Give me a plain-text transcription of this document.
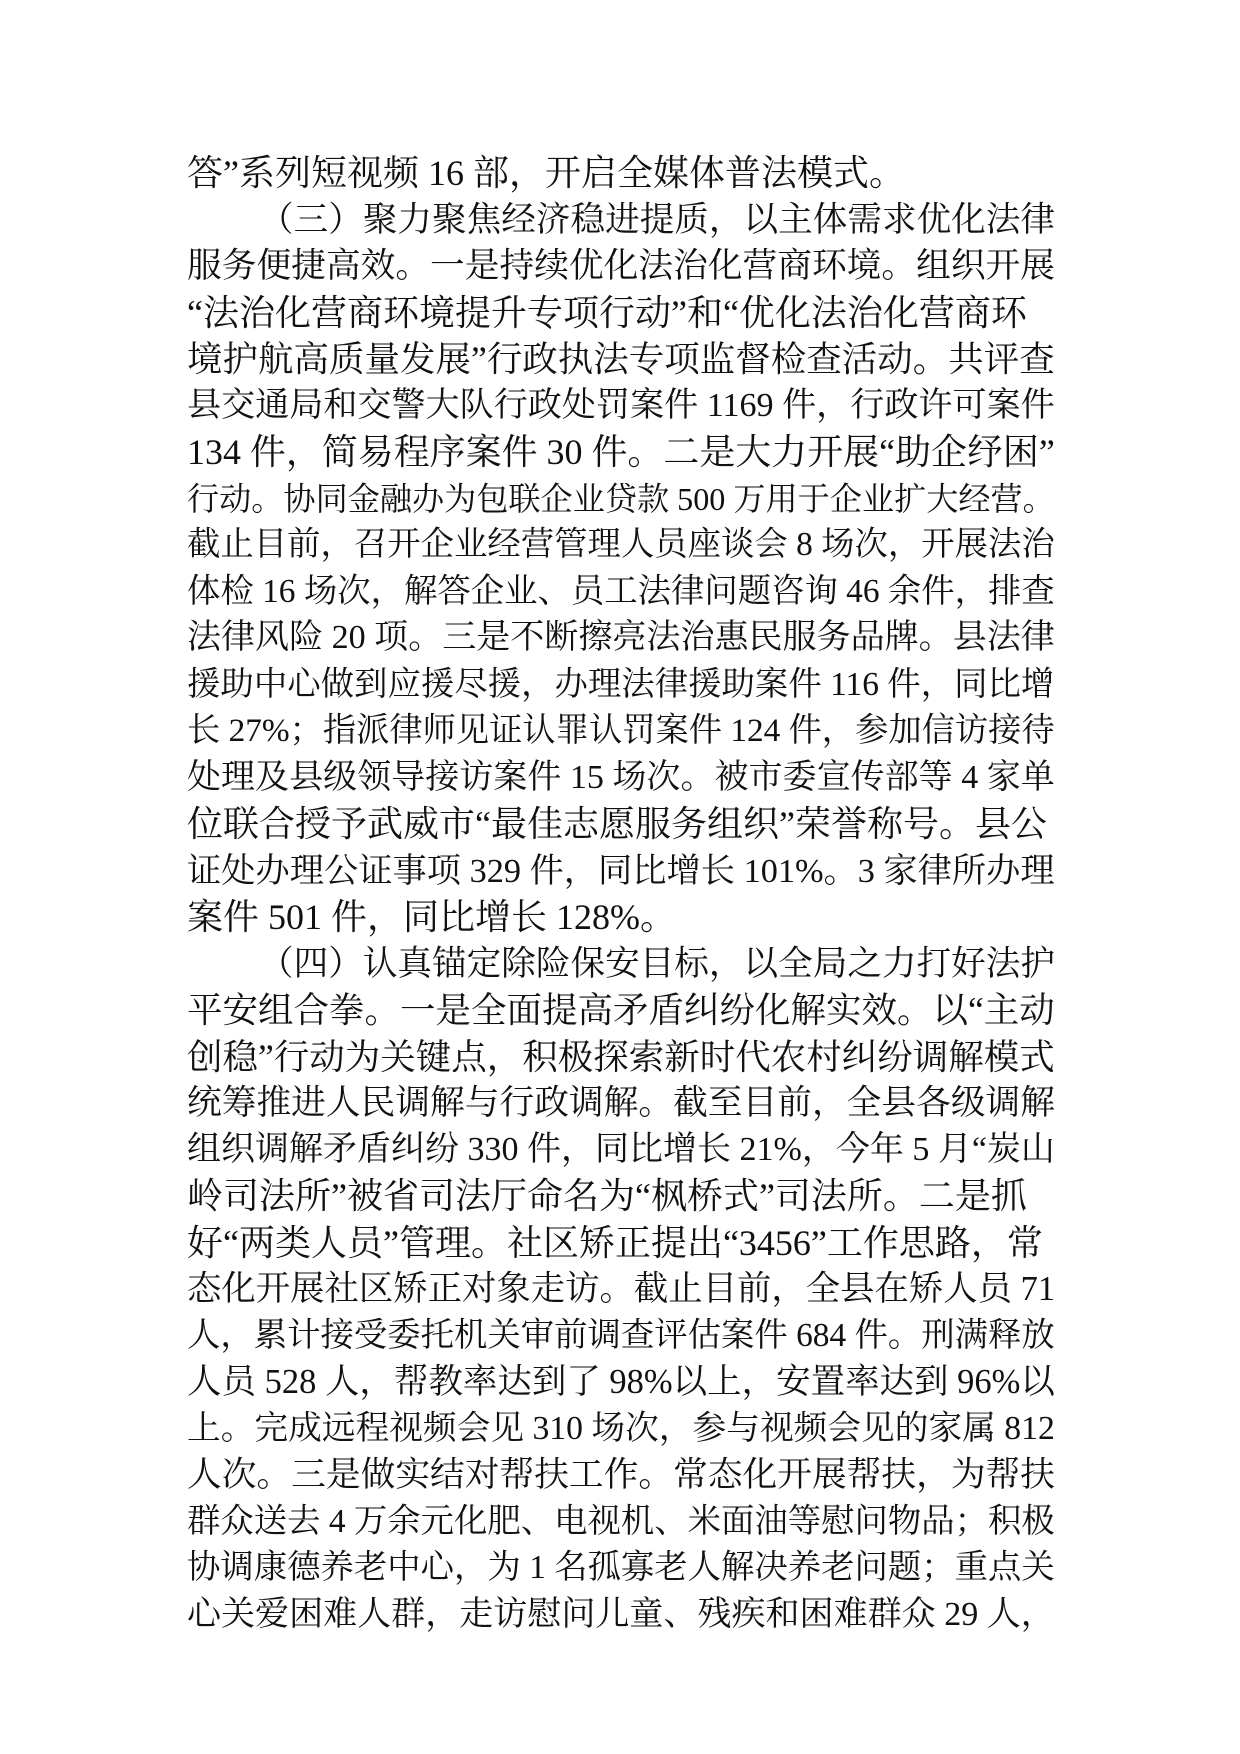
答”系列短视频 16 部，开启全媒体普法模式。
（三）聚力聚焦经济稳进提质，以主体需求优化法律
服务便捷高效。一是持续优化法治化营商环境。组织开展
“法治化营商环境提升专项行动”和“优化法治化营商环
境护航高质量发展”行政执法专项监督检查活动。共评查
县交通局和交警大队行政处罚案件 1169 件，行政许可案件
134 件，简易程序案件 30 件。二是大力开展“助企纾困”
行动。协同金融办为包联企业贷款 500 万用于企业扩大经营。
截止目前，召开企业经营管理人员座谈会 8 场次，开展法治
体检 16 场次，解答企业、员工法律问题咨询 46 余件，排查
法律风险 20 项。三是不断擦亮法治惠民服务品牌。县法律
援助中心做到应援尽援，办理法律援助案件 116 件，同比增
长 27%；指派律师见证认罪认罚案件 124 件，参加信访接待
处理及县级领导接访案件 15 场次。被市委宣传部等 4 家单
位联合授予武威市“最佳志愿服务组织”荣誉称号。县公
证处办理公证事项 329 件，同比增长 101%。3 家律所办理
案件 501 件，同比增长 128%。
（四）认真锚定除险保安目标，以全局之力打好法护
平安组合拳。一是全面提高矛盾纠纷化解实效。以“主动
创稳”行动为关键点，积极探索新时代农村纠纷调解模式
统筹推进人民调解与行政调解。截至目前，全县各级调解
组织调解矛盾纠纷 330 件，同比增长 21%，今年 5 月“炭山
岭司法所”被省司法厅命名为“枫桥式”司法所。二是抓
好“两类人员”管理。社区矫正提出“3456”工作思路，常
态化开展社区矫正对象走访。截止目前，全县在矫人员 71
人，累计接受委托机关审前调查评估案件 684 件。刑满释放
人员 528 人，帮教率达到了 98%以上，安置率达到 96%以
上。完成远程视频会见 310 场次，参与视频会见的家属 812
人次。三是做实结对帮扶工作。常态化开展帮扶，为帮扶
群众送去 4 万余元化肥、电视机、米面油等慰问物品；积极
协调康德养老中心，为 1 名孤寡老人解决养老问题；重点关
心关爱困难人群，走访慰问儿童、残疾和困难群众 29 人，
